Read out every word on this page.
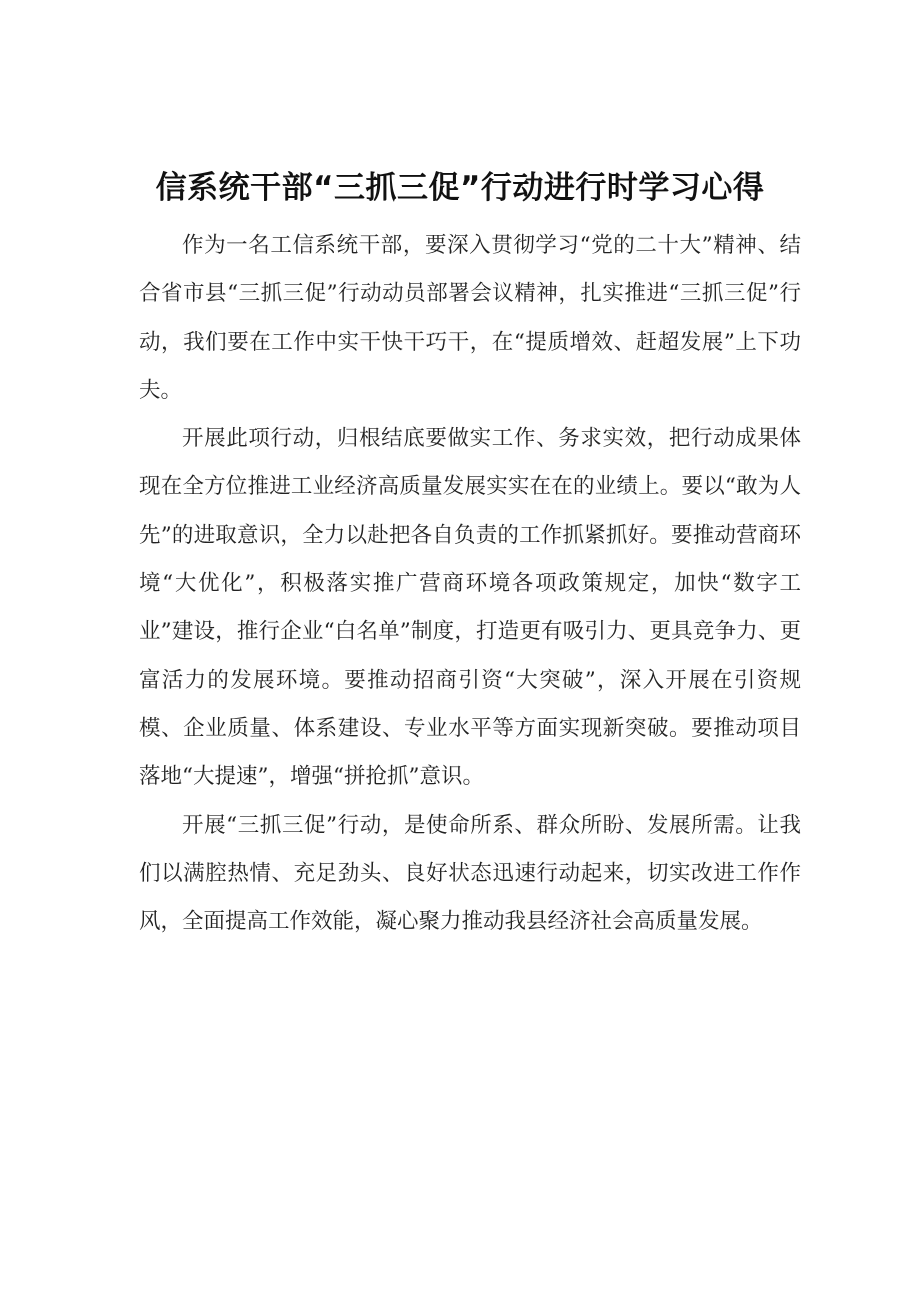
信系统干部“三抓三促”行动进行时学习心得

作为一名工信系统干部，要深入贯彻学习“党的二十大”精神、结合省市县“三抓三促”行动动员部署会议精神，扎实推进“三抓三促”行动，我们要在工作中实干快干巧干，在“提质增效、赶超发展”上下功夫。

开展此项行动，归根结底要做实工作、务求实效，把行动成果体现在全方位推进工业经济高质量发展实实在在的业绩上。要以“敢为人先”的进取意识，全力以赴把各自负责的工作抓紧抓好。要推动营商环境“大优化”，积极落实推广营商环境各项政策规定，加快“数字工业”建设，推行企业“白名单”制度，打造更有吸引力、更具竞争力、更富活力的发展环境。要推动招商引资“大突破”，深入开展在引资规模、企业质量、体系建设、专业水平等方面实现新突破。要推动项目落地“大提速”，增强“拼抢抓”意识。

开展“三抓三促”行动，是使命所系、群众所盼、发展所需。让我们以满腔热情、充足劲头、良好状态迅速行动起来，切实改进工作作风，全面提高工作效能，凝心聚力推动我县经济社会高质量发展。
